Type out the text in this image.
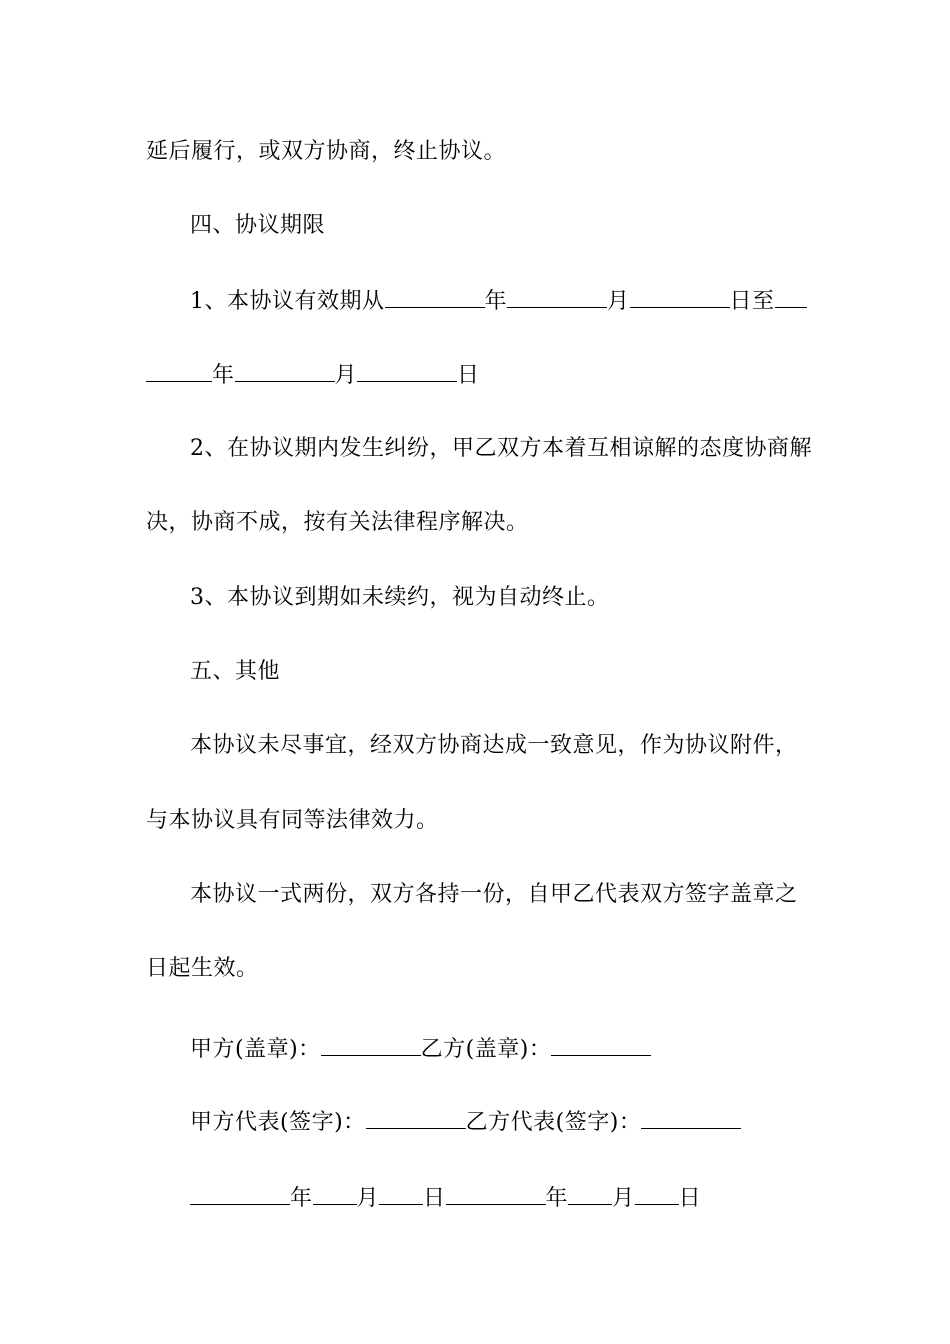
延后履行，或双方协商，终止协议。
四、协议期限
1、本协议有效期从	年	月	日至
年	月	日
2、在协议期内发生纠纷，甲乙双方本着互相谅解的态度协商解
决，协商不成，按有关法律程序解决。
3、本协议到期如未续约，视为自动终止。
五、其他
本协议未尽事宜，经双方协商达成一致意见，作为协议附件，
与本协议具有同等法律效力。
本协议一式两份，双方各持一份，自甲乙代表双方签字盖章之
日起生效。
甲方(盖章)：	乙方(盖章)：
甲方代表(签字)：	乙方代表(签字)：
年 月 日	年 月 日
